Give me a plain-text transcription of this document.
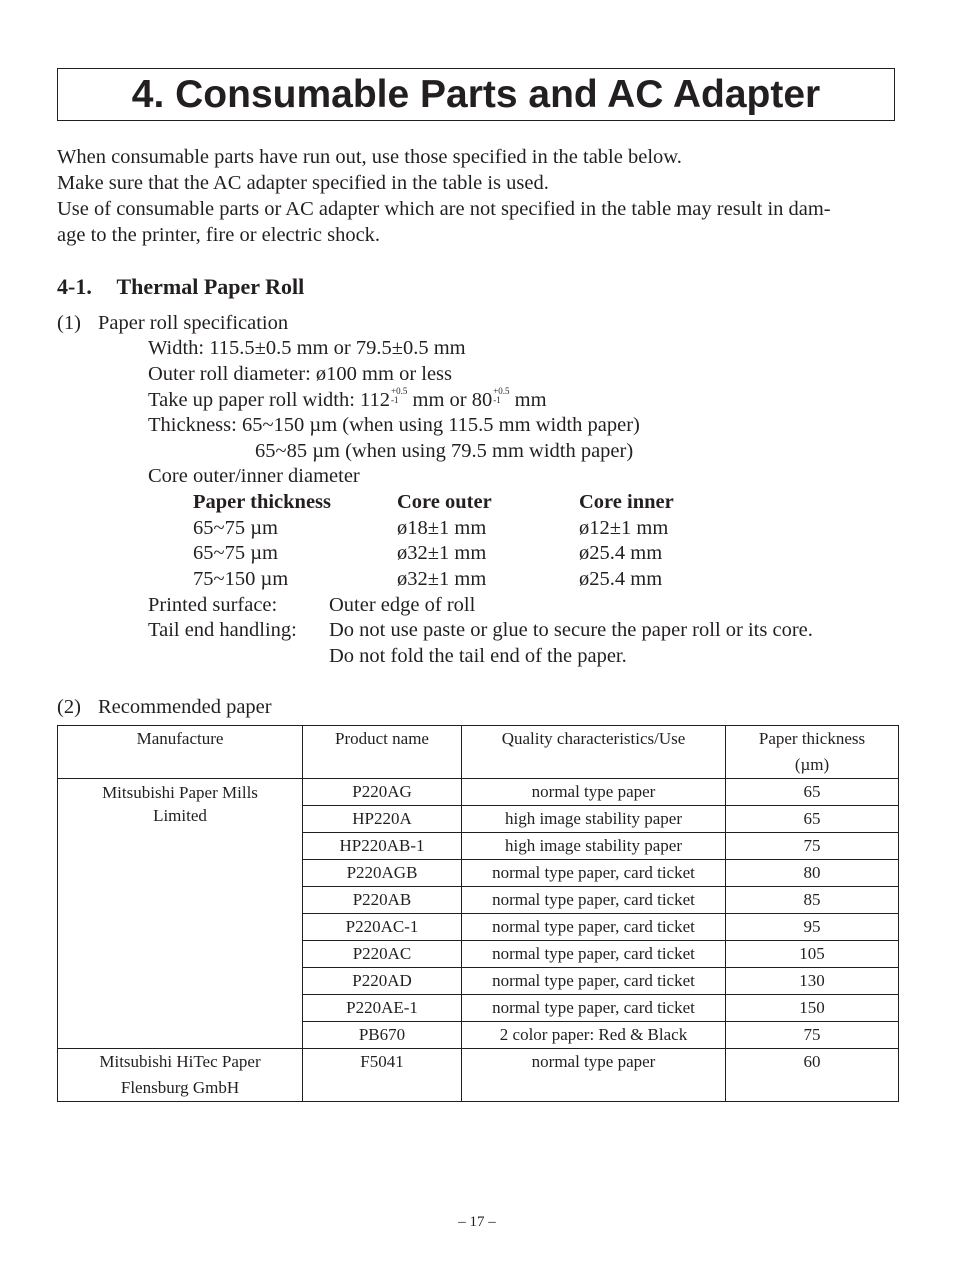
4. Consumable Parts and AC Adapter
When consumable parts have run out, use those specified in the table below.
Make sure that the AC adapter specified in the table is used.
Use of consumable parts or AC adapter which are not specified in the table may result in dam-
age to the printer, fire or electric shock.
4-1. Thermal Paper Roll
(1) Paper roll specification
Width: 115.5±0.5 mm or 79.5±0.5 mm
Outer roll diameter: ø100 mm or less
Take up paper roll width: 112 $^{+0.5 -1}$ mm or 80 $^{+0.5 -1}$ mm
Thickness: 65~150 µm (when using 115.5 mm width paper)
65~85 µm (when using 79.5 mm width paper)
Core outer/inner diameter
Paper thickness	Core outer	Core inner
65~75 µm	ø18±1 mm	ø12±1 mm
65~75 µm	ø32±1 mm	ø25.4 mm
75~150 µm	ø32±1 mm	ø25.4 mm
Printed surface:	Outer edge of roll
Tail end handling: Do not use paste or glue to secure the paper roll or its core.
Do not fold the tail end of the paper.
(2) Recommended paper
Manufacture	Product name	Quality characteristics/Use	Paper thickness
(µm)

Mitsubishi Paper Mills
Limited	P220AG	normal type paper	65
	HP220A	high image stability paper	65
	HP220AB-1	high image stability paper	75
	P220AGB	normal type paper, card ticket	80
	P220AB	normal type paper, card ticket	85
	P220AC-1	normal type paper, card ticket	95
	P220AC	normal type paper, card ticket	105
	P220AD	normal type paper, card ticket	130
	P220AE-1	normal type paper, card ticket	150
	PB670	2 color paper: Red & Black	75

Mitsubishi HiTec Paper
Flensburg GmbH	F5041	normal type paper	60
– 17 –
